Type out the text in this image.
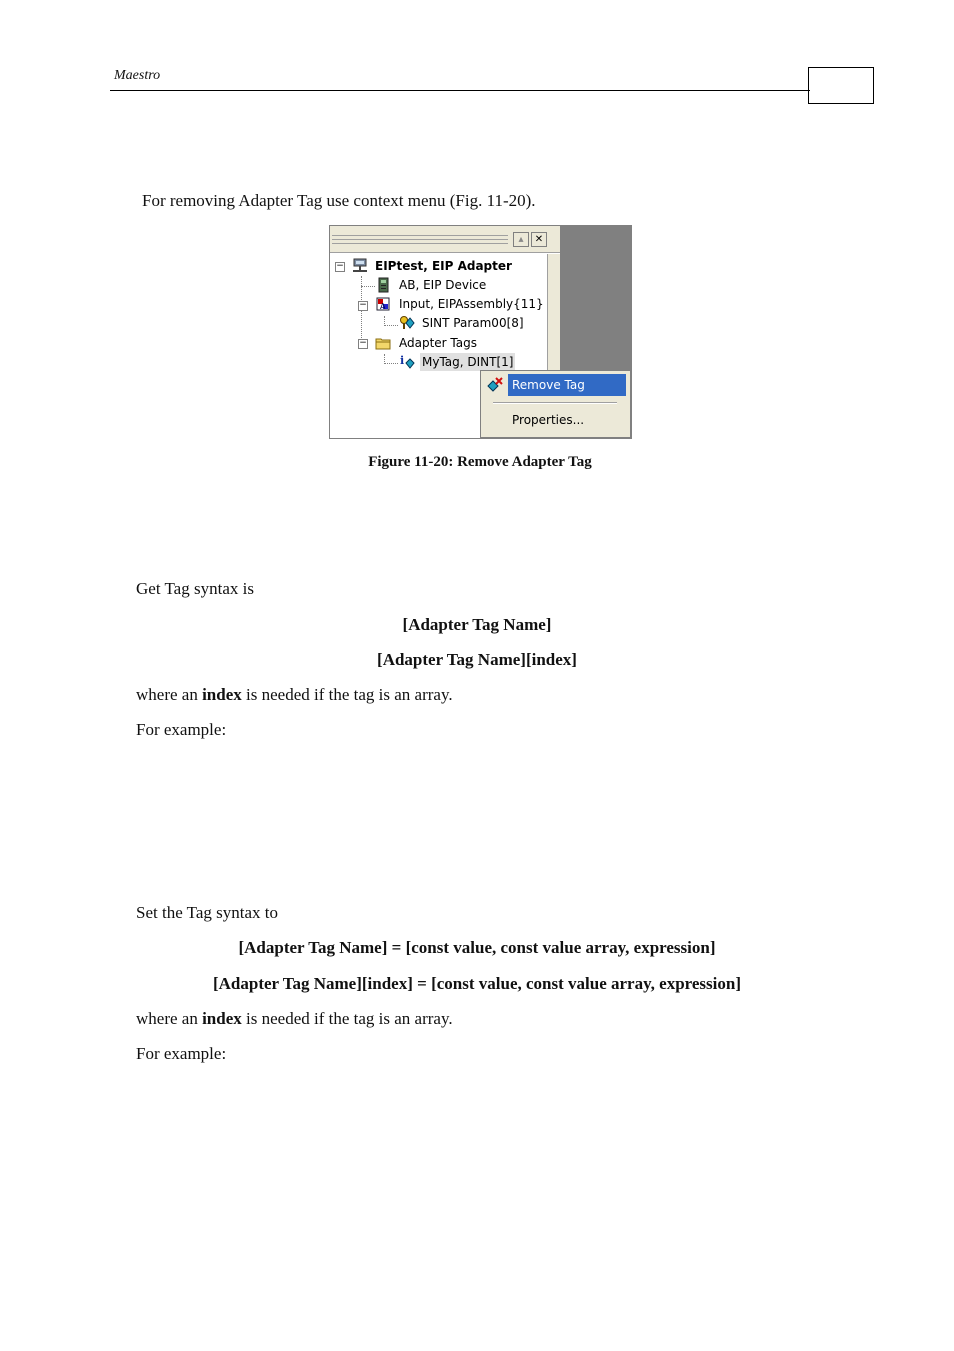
Maestro
For removing Adapter Tag use context menu (Fig. 11-20).
▴	✕
−	EIPtest, EIP Adapter
AB, EIP Device
− A Input, EIPAssembly{11}
SINT Param00[8]
−	Adapter Tags
i MyTag, DINT[1]
Remove Tag
Properties...
Figure 11-20: Remove Adapter Tag
Get Tag syntax is
[Adapter Tag Name]
[Adapter Tag Name][index]
where an index is needed if the tag is an array.
For example:
Set the Tag syntax to
[Adapter Tag Name] = [const value, const value array, expression]
[Adapter Tag Name][index] = [const value, const value array, expression]
where an index is needed if the tag is an array.
For example:
